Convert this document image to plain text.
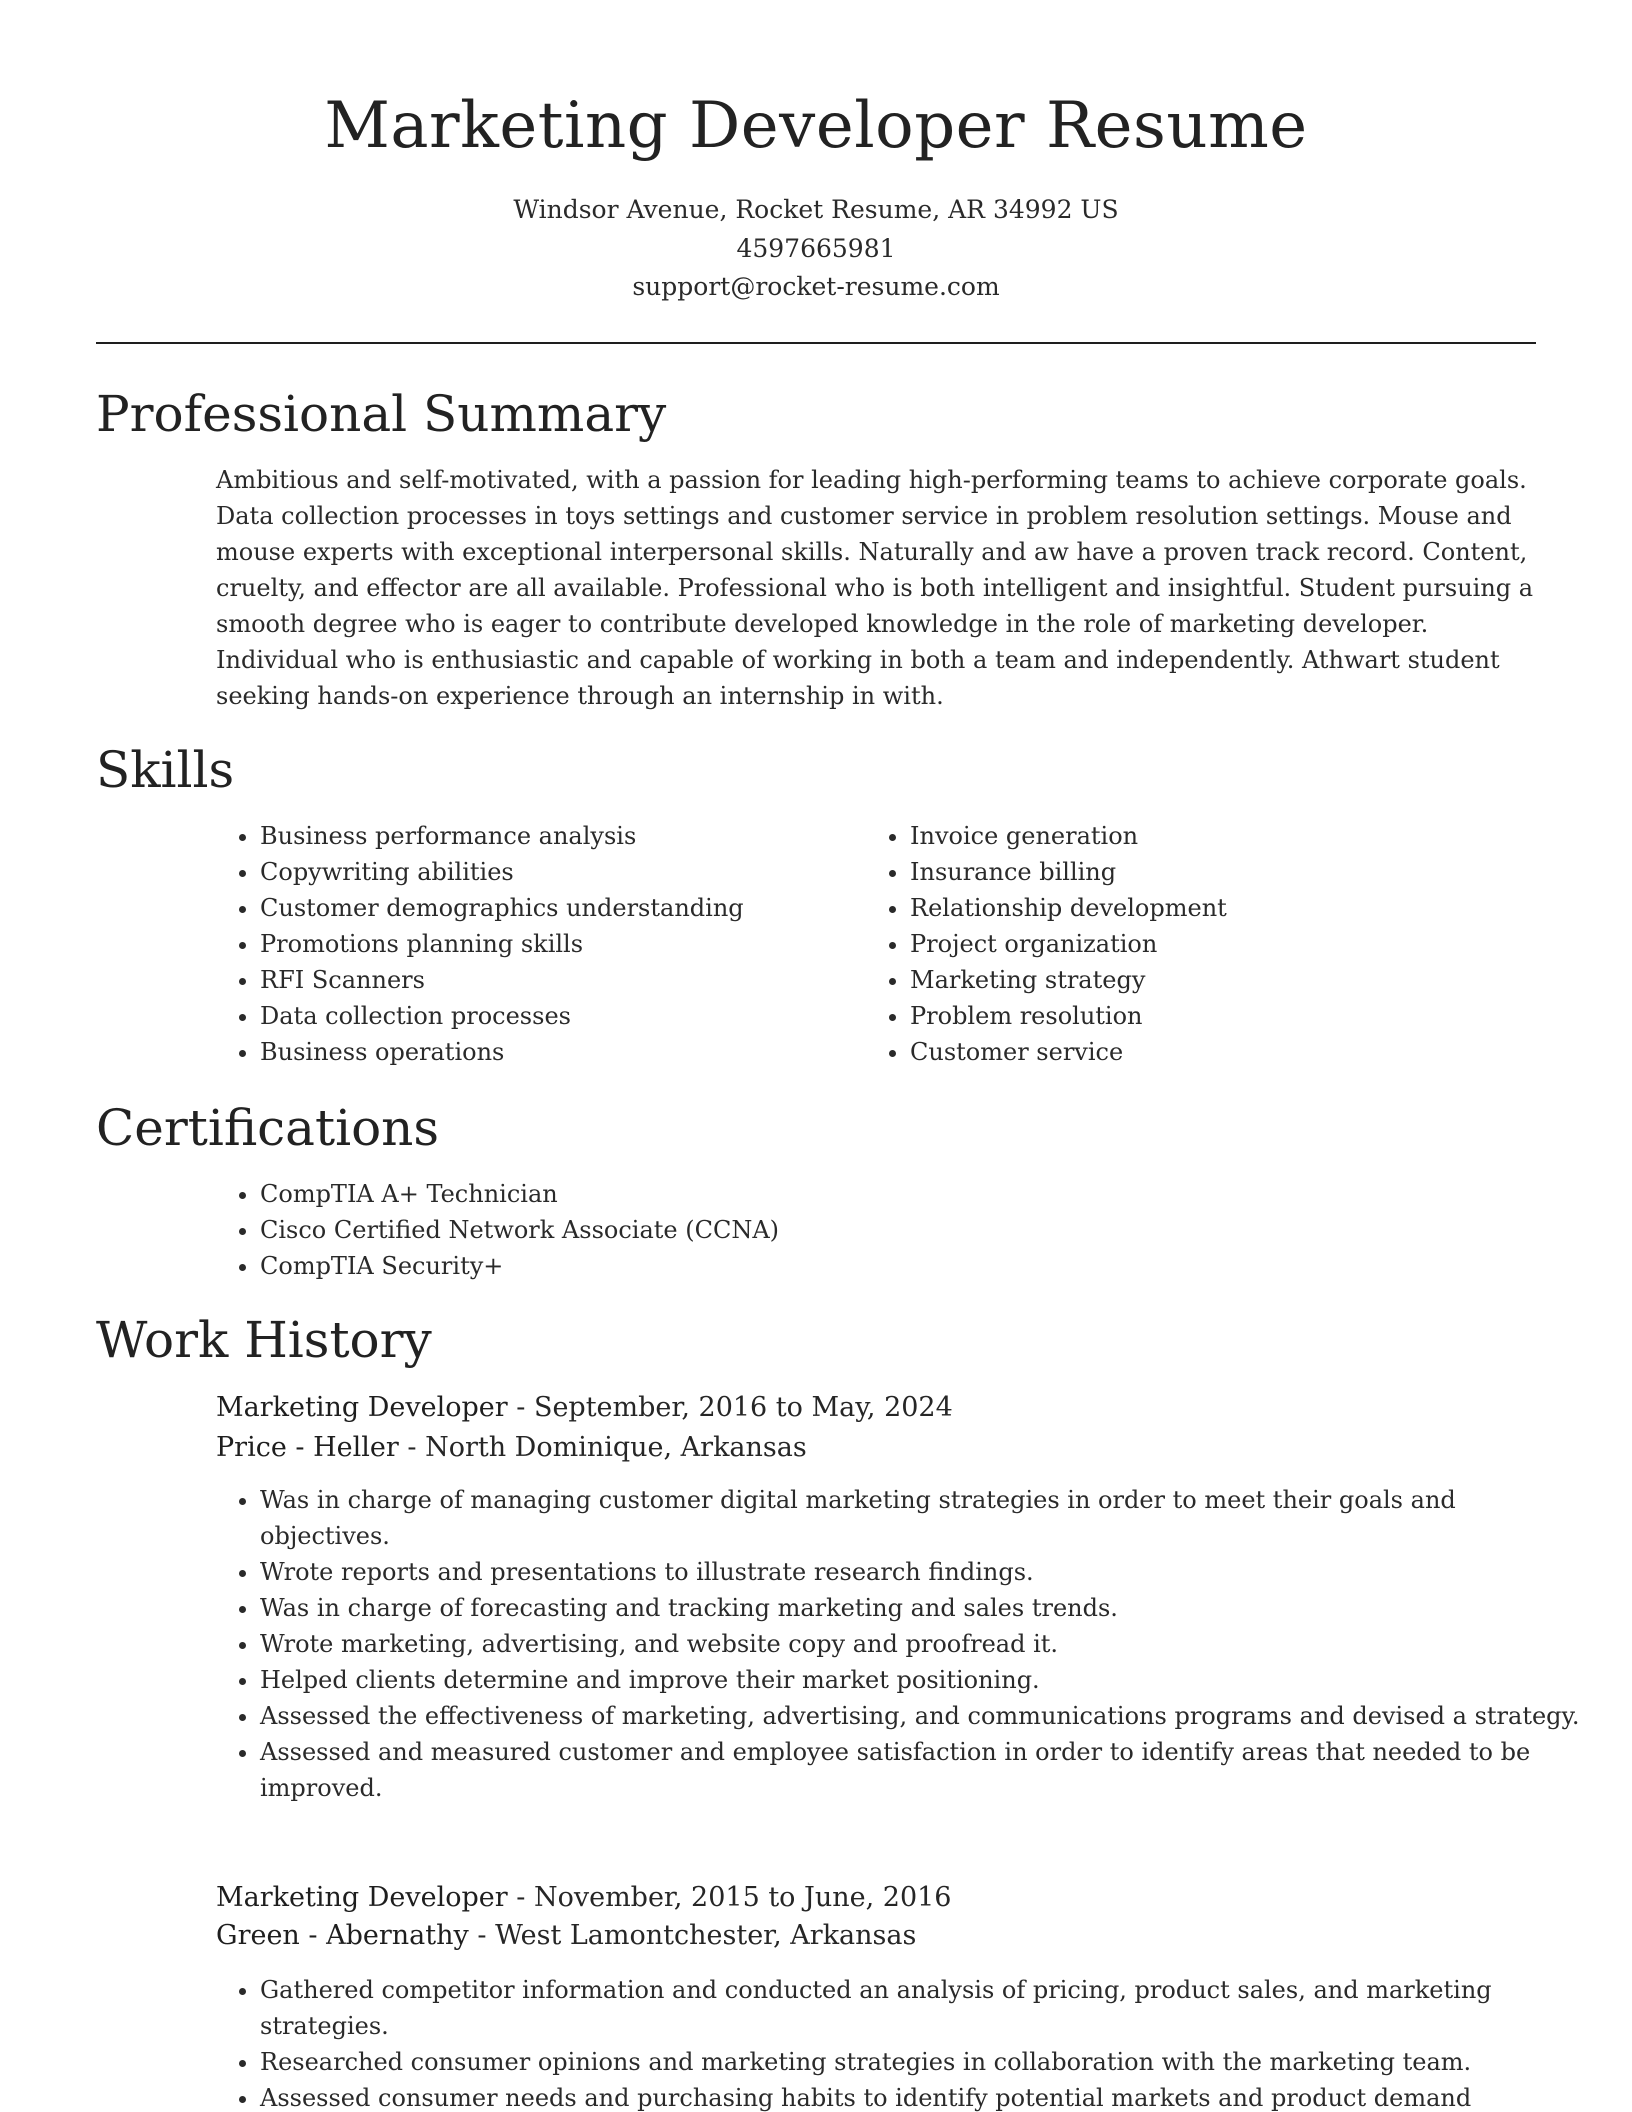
Marketing Developer Resume

Windsor Avenue, Rocket Resume, AR 34992 US

4597665981

support@rocket-resume.com

Professional Summary

Ambitious and self-motivated, with a passion for leading high-performing teams to achieve corporate goals. Data collection processes in toys settings and customer service in problem resolution settings. Mouse and mouse experts with exceptional interpersonal skills. Naturally and aw have a proven track record. Content, cruelty, and effector are all available. Professional who is both intelligent and insightful. Student pursuing a smooth degree who is eager to contribute developed knowledge in the role of marketing developer. Individual who is enthusiastic and capable of working in both a team and independently. Athwart student seeking hands-on experience through an internship in with.

Skills
• Business performance analysis
• Copywriting abilities
• Customer demographics understanding
• Promotions planning skills
• RFI Scanners
• Data collection processes
• Business operations
• Invoice generation
• Insurance billing
• Relationship development
• Project organization
• Marketing strategy
• Problem resolution
• Customer service
Certifications
• CompTIA A+ Technician
• Cisco Certified Network Associate (CCNA)
• CompTIA Security+
Work History

Marketing Developer - September, 2016 to May, 2024

Price - Heller - North Dominique, Arkansas

• Was in charge of managing customer digital marketing strategies in order to meet their goals and objectives.
• Wrote reports and presentations to illustrate research findings.
• Was in charge of forecasting and tracking marketing and sales trends.
• Wrote marketing, advertising, and website copy and proofread it.
• Helped clients determine and improve their market positioning.
• Assessed the effectiveness of marketing, advertising, and communications programs and devised a strategy.
• Assessed and measured customer and employee satisfaction in order to identify areas that needed to be improved.

Marketing Developer - November, 2015 to June, 2016

Green - Abernathy - West Lamontchester, Arkansas

• Gathered competitor information and conducted an analysis of pricing, product sales, and marketing strategies.
• Researched consumer opinions and marketing strategies in collaboration with the marketing team.
• Assessed consumer needs and purchasing habits to identify potential markets and product demand
